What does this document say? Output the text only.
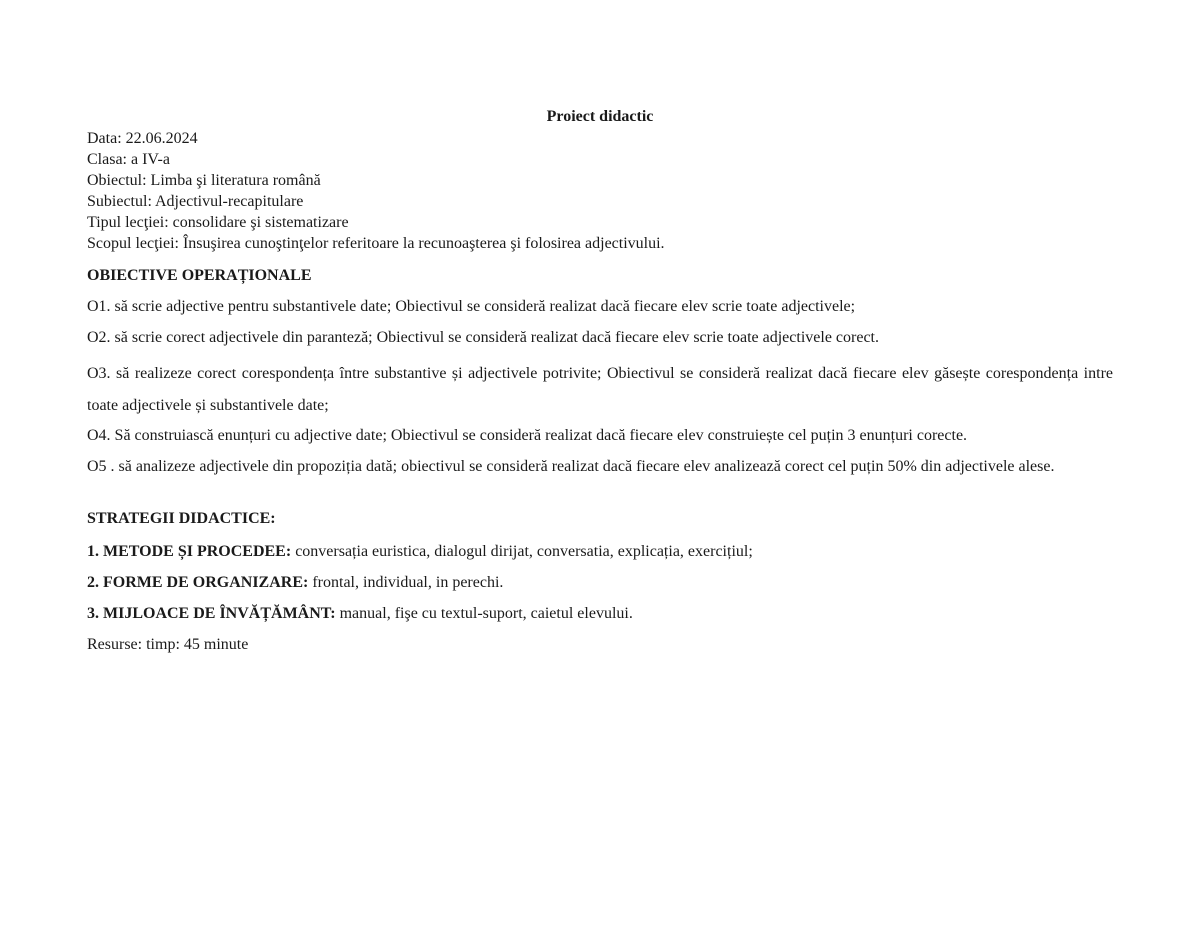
Proiect didactic

Data: 22.06.2024

Clasa: a IV-a

Obiectul: Limba şi literatura română

Subiectul: Adjectivul-recapitulare

Tipul lecţiei: consolidare şi sistematizare

Scopul lecţiei: Însuşirea cunoştinţelor referitoare la recunoaşterea şi folosirea adjectivului.

OBIECTIVE OPERAȚIONALE

O1. să scrie adjective pentru substantivele date; Obiectivul se consideră realizat dacă fiecare elev scrie toate adjectivele;

O2. să scrie corect adjectivele din paranteză; Obiectivul se consideră realizat dacă fiecare elev scrie toate adjectivele corect.

O3. să realizeze corect corespondența între substantive și adjectivele potrivite; Obiectivul se consideră realizat dacă fiecare elev găsește corespondența intre toate adjectivele și substantivele date;

O4. Să construiască enunțuri cu adjective date; Obiectivul se consideră realizat dacă fiecare elev construiește cel puțin 3 enunțuri corecte.

O5 . să analizeze adjectivele din propoziția dată; obiectivul se consideră realizat dacă fiecare elev analizează corect cel puțin 50% din adjectivele alese.

STRATEGII DIDACTICE:

1. METODE ȘI PROCEDEE: conversația euristica, dialogul dirijat, conversatia, explicația, exercițiul;

2. FORME DE ORGANIZARE: frontal, individual, in perechi.

3. MIJLOACE DE ÎNVĂȚĂMÂNT: manual, fişe cu textul-suport, caietul elevului.

Resurse: timp: 45 minute
